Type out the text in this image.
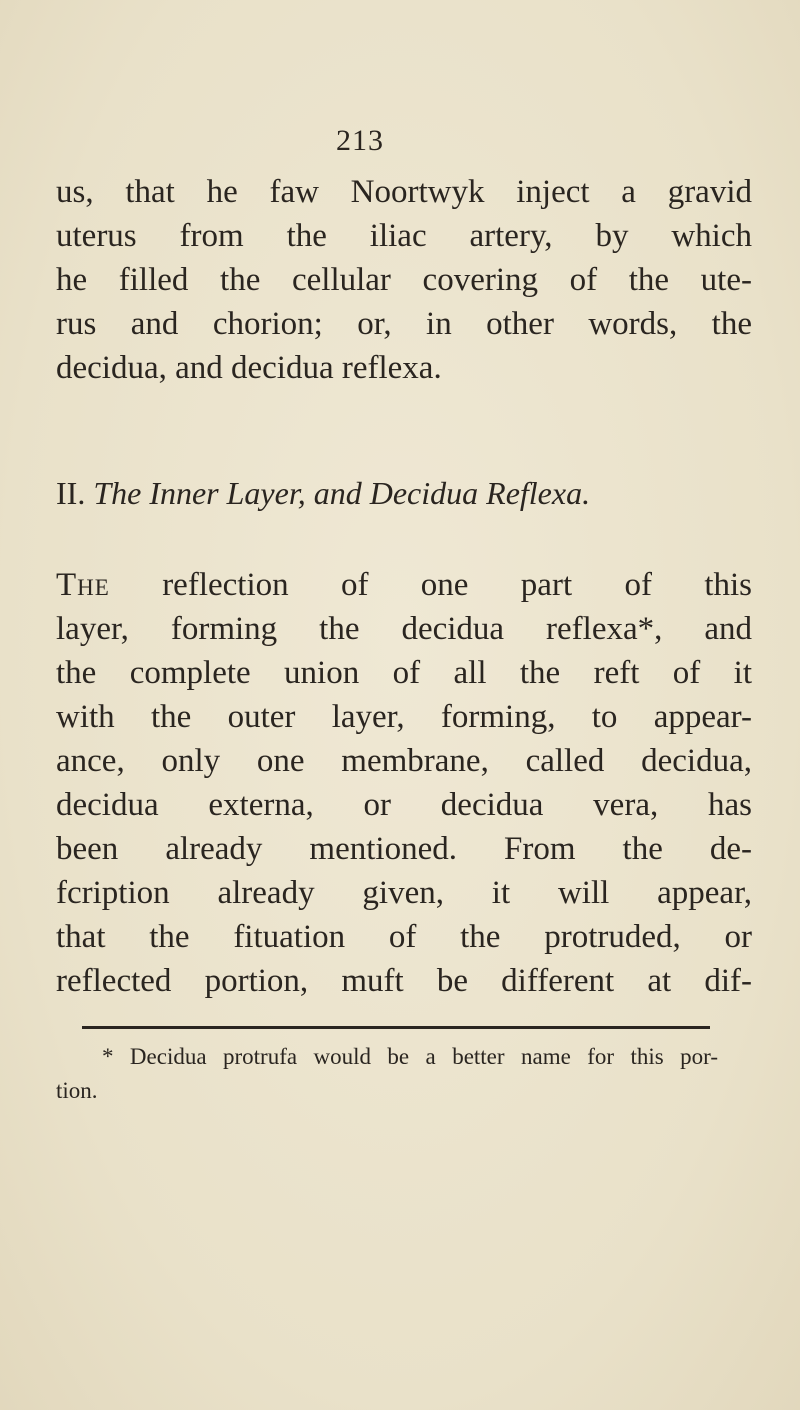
213
us, that he faw Noortwyk inject a gravid
uterus from the iliac artery, by which
he filled the cellular covering of the ute-
rus and chorion; or, in other words, the
decidua, and decidua reflexa.
II. The Inner Layer, and Decidua Reflexa.
The reflection of one part of this
layer, forming the decidua reflexa*, and
the complete union of all the reft of it
with the outer layer, forming, to appear-
ance, only one membrane, called decidua,
decidua externa, or decidua vera, has
been already mentioned. From the de-
fcription already given, it will appear,
that the fituation of the protruded, or
reflected portion, muft be different at dif-
* Decidua protrufa would be a better name for this por-
tion.
